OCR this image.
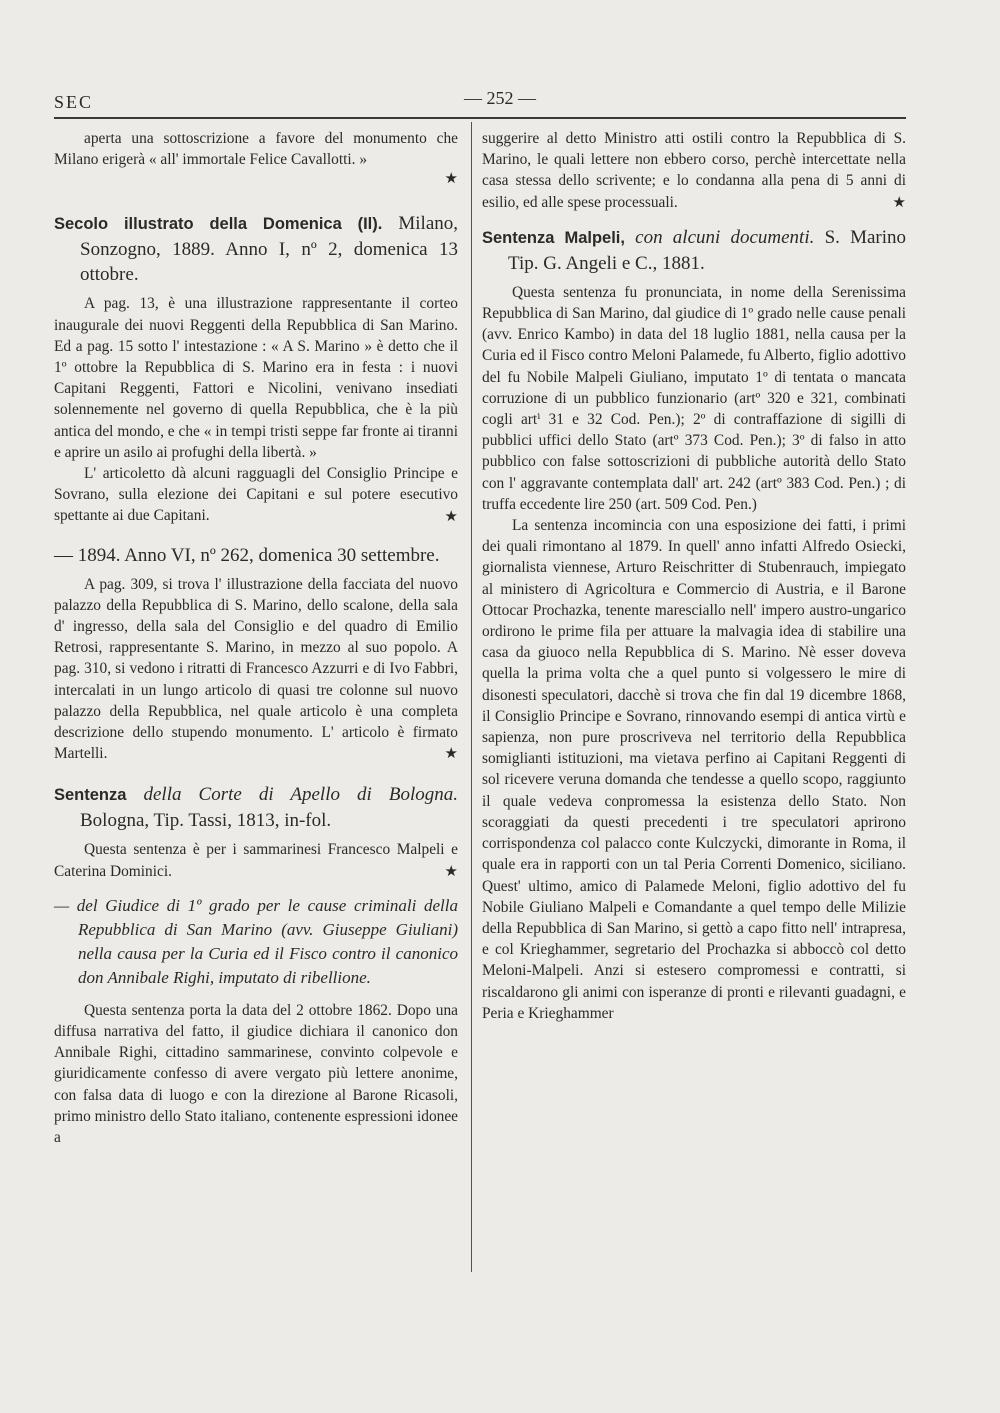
SEC	— 252 —

aperta una sottoscrizione a favore del monumento che Milano erigerà « all' immortale Felice Cavallotti. »

★

Secolo illustrato della Domenica (Il). Milano, Sonzogno, 1889. Anno I, nº 2, domenica 13 ottobre.

A pag. 13, è una illustrazione rappresentante il corteo inaugurale dei nuovi Reggenti della Repubblica di San Marino. Ed a pag. 15 sotto l' intestazione : « A S. Marino » è detto che il 1º ottobre la Repubblica di S. Marino era in festa : i nuovi Capitani Reggenti, Fattori e Nicolini, venivano insediati solennemente nel governo di quella Repubblica, che è la più antica del mondo, e che « in tempi tristi seppe far fronte ai tiranni e aprire un asilo ai profughi della libertà. »

L' articoletto dà alcuni ragguagli del Consiglio Principe e Sovrano, sulla elezione dei Capitani e sul potere esecutivo spettante ai due Capitani.	★

— 1894. Anno VI, nº 262, domenica 30 settembre.

A pag. 309, si trova l' illustrazione della facciata del nuovo palazzo della Repubblica di S. Marino, dello scalone, della sala d' ingresso, della sala del Consiglio e del quadro di Emilio Retrosi, rappresentante S. Marino, in mezzo al suo popolo. A pag. 310, si vedono i ritratti di Francesco Azzurri e di Ivo Fabbri, intercalati in un lungo articolo di quasi tre colonne sul nuovo palazzo della Repubblica, nel quale articolo è una completa descrizione dello stupendo monumento. L' articolo è firmato Martelli.	★

Sentenza della Corte di Apello di Bologna. Bologna, Tip. Tassi, 1813, in-fol.

Questa sentenza è per i sammarinesi Francesco Malpeli e Caterina Dominici.	★

— del Giudice di 1º grado per le cause criminali della Repubblica di San Marino (avv. Giuseppe Giuliani) nella causa per la Curia ed il Fisco contro il canonico don Annibale Righi, imputato di ribellione.

Questa sentenza porta la data del 2 ottobre 1862. Dopo una diffusa narrativa del fatto, il giudice dichiara il canonico don Annibale Righi, cittadino sammarinese, convinto colpevole e giuridicamente confesso di avere vergato più lettere anonime, con falsa data di luogo e con la direzione al Barone Ricasoli, primo ministro dello Stato italiano, contenente espressioni idonee a

suggerire al detto Ministro atti ostili contro la Repubblica di S. Marino, le quali lettere non ebbero corso, perchè intercettate nella casa stessa dello scrivente; e lo condanna alla pena di 5 anni di esilio, ed alle spese processuali.	★

Sentenza Malpeli, con alcuni documenti. S. Marino Tip. G. Angeli e C., 1881.

Questa sentenza fu pronunciata, in nome della Serenissima Repubblica di San Marino, dal giudice di 1º grado nelle cause penali (avv. Enrico Kambo) in data del 18 luglio 1881, nella causa per la Curia ed il Fisco contro Meloni Palamede, fu Alberto, figlio adottivo del fu Nobile Malpeli Giuliano, imputato 1º di tentata o mancata corruzione di un pubblico funzionario (artº 320 e 321, combinati cogli artⁱ 31 e 32 Cod. Pen.); 2º di contraffazione di sigilli di pubblici uffici dello Stato (artº 373 Cod. Pen.); 3º di falso in atto pubblico con false sottoscrizioni di pubbliche autorità dello Stato con l' aggravante contemplata dall' art. 242 (artº 383 Cod. Pen.) ; di truffa eccedente lire 250 (art. 509 Cod. Pen.)

La sentenza incomincia con una esposizione dei fatti, i primi dei quali rimontano al 1879. In quell' anno infatti Alfredo Osiecki, giornalista viennese, Arturo Reischritter di Stubenrauch, impiegato al ministero di Agricoltura e Commercio di Austria, e il Barone Ottocar Prochazka, tenente maresciallo nell' impero austro-ungarico ordirono le prime fila per attuare la malvagia idea di stabilire una casa da giuoco nella Repubblica di S. Marino. Nè esser doveva quella la prima volta che a quel punto si volgessero le mire di disonesti speculatori, dacchè si trova che fin dal 19 dicembre 1868, il Consiglio Principe e Sovrano, rinnovando esempi di antica virtù e sapienza, non pure proscriveva nel territorio della Repubblica somiglianti istituzioni, ma vietava perfino ai Capitani Reggenti di sol ricevere veruna domanda che tendesse a quello scopo, raggiunto il quale vedeva conpromessa la esistenza dello Stato. Non scoraggiati da questi precedenti i tre speculatori aprirono corrispondenza col palacco conte Kulczycki, dimorante in Roma, il quale era in rapporti con un tal Peria Correnti Domenico, siciliano. Quest' ultimo, amico di Palamede Meloni, figlio adottivo del fu Nobile Giuliano Malpeli e Comandante a quel tempo delle Milizie della Repubblica di San Marino, si gettò a capo fitto nell' intrapresa, e col Krieghammer, segretario del Prochazka si abboccò col detto Meloni-Malpeli. Anzi si estesero compromessi e contratti, si riscaldarono gli animi con isperanze di pronti e rilevanti guadagni, e Peria e Krieghammer
